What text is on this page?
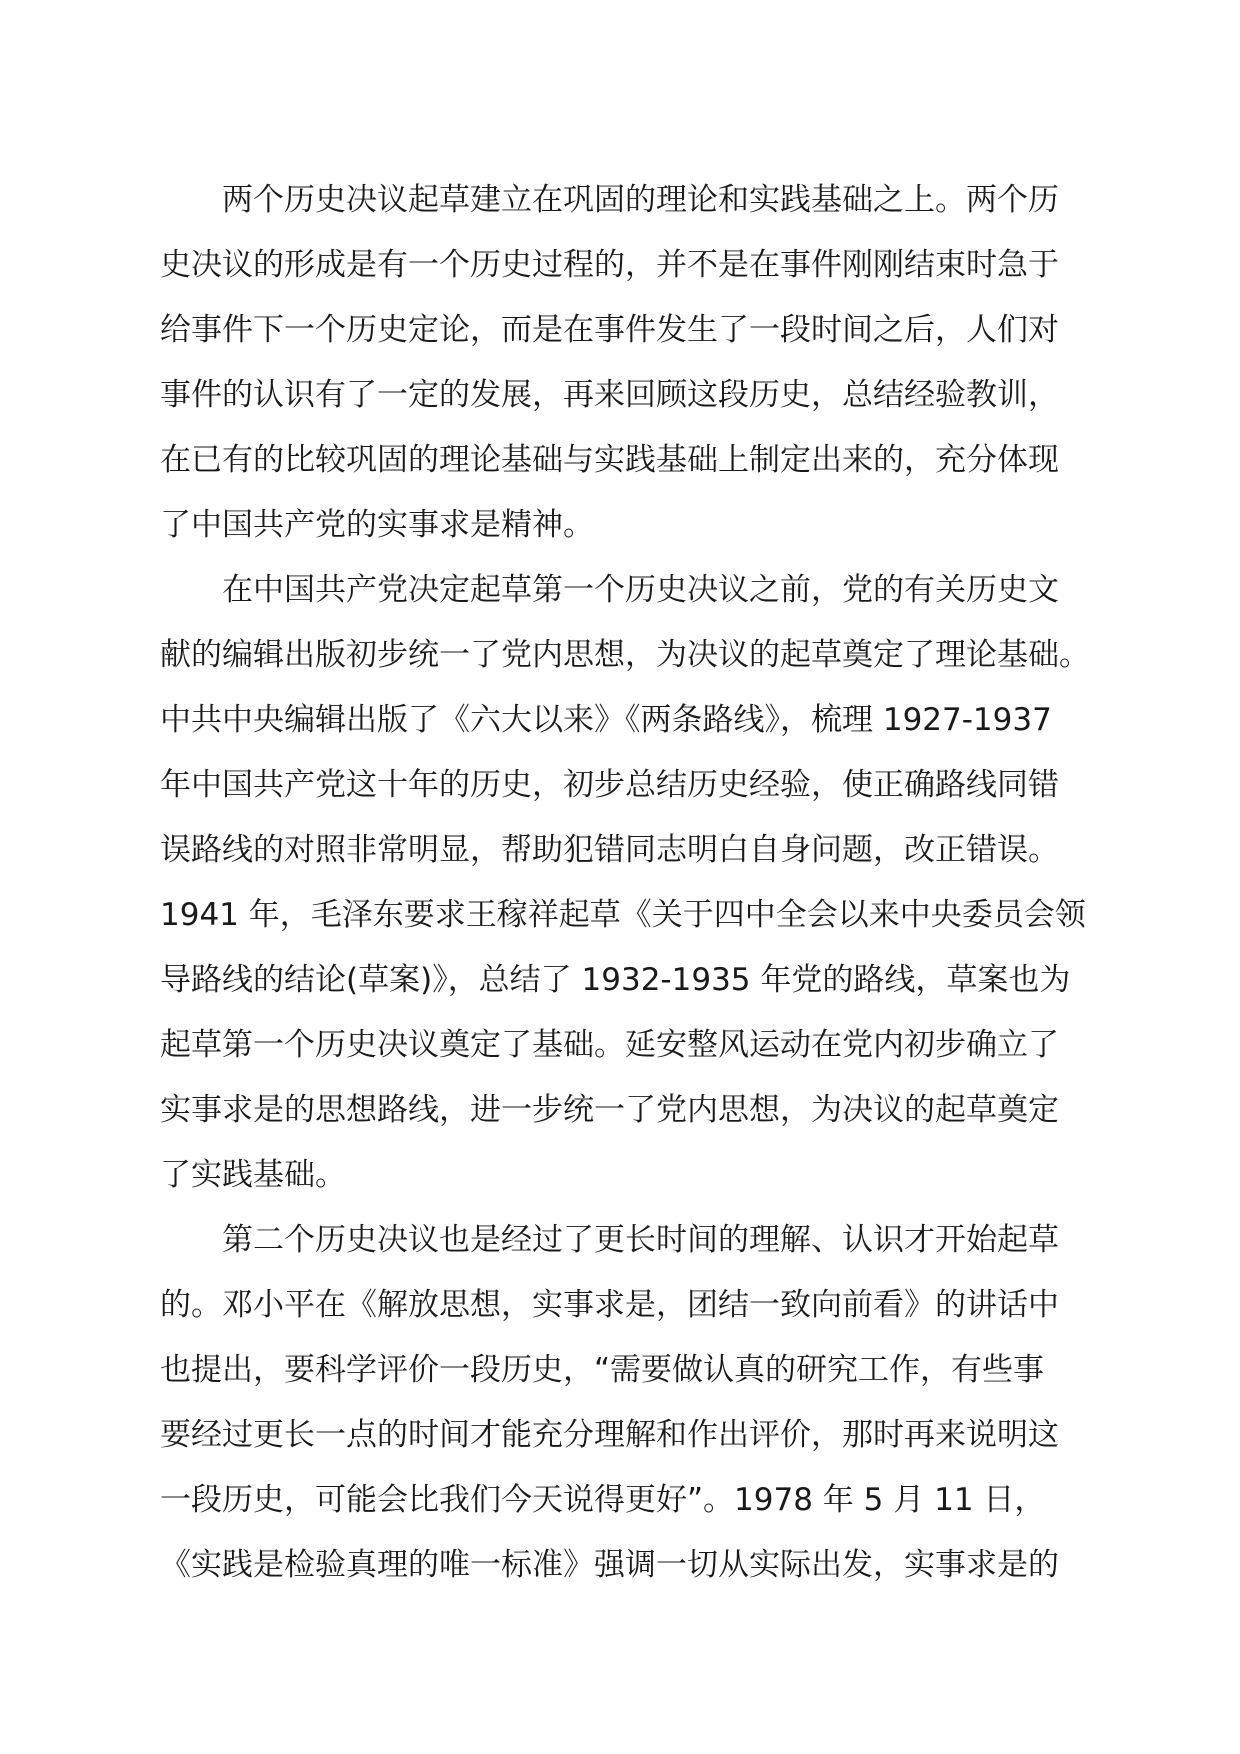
两个历史决议起草建立在巩固的理论和实践基础之上。两个历
史决议的形成是有一个历史过程的，并不是在事件刚刚结束时急于
给事件下一个历史定论，而是在事件发生了一段时间之后，人们对
事件的认识有了一定的发展，再来回顾这段历史，总结经验教训，
在已有的比较巩固的理论基础与实践基础上制定出来的，充分体现
了中国共产党的实事求是精神。

在中国共产党决定起草第一个历史决议之前，党的有关历史文
献的编辑出版初步统一了党内思想，为决议的起草奠定了理论基础。
中共中央编辑出版了《六大以来》《两条路线》，梳理 1927-1937
年中国共产党这十年的历史，初步总结历史经验，使正确路线同错
误路线的对照非常明显，帮助犯错同志明白自身问题，改正错误。
1941 年，毛泽东要求王稼祥起草《关于四中全会以来中央委员会领
导路线的结论(草案)》，总结了 1932-1935 年党的路线，草案也为
起草第一个历史决议奠定了基础。延安整风运动在党内初步确立了
实事求是的思想路线，进一步统一了党内思想，为决议的起草奠定
了实践基础。

第二个历史决议也是经过了更长时间的理解、认识才开始起草
的。邓小平在《解放思想，实事求是，团结一致向前看》的讲话中
也提出，要科学评价一段历史，“需要做认真的研究工作，有些事
要经过更长一点的时间才能充分理解和作出评价，那时再来说明这
一段历史，可能会比我们今天说得更好”。1978 年 5 月 11 日，
《实践是检验真理的唯一标准》强调一切从实际出发，实事求是的
